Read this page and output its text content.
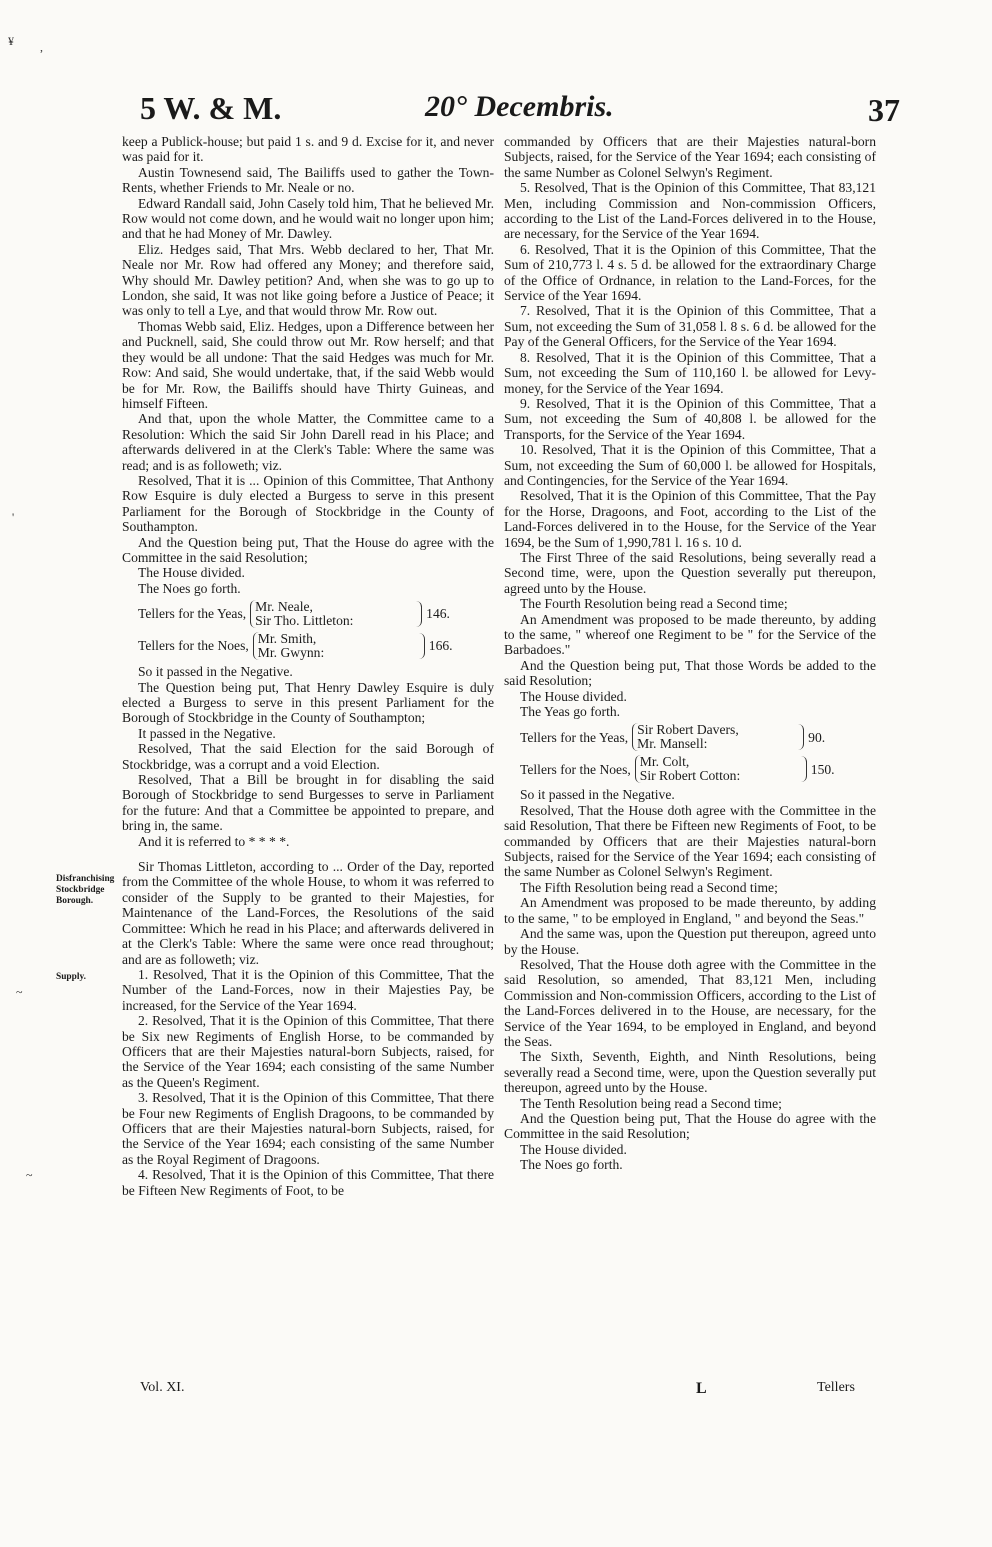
5 W. & M.	20° Decembris.	37
Disfranchising Stockbridge Borough.
Supply.

keep a Publick-house; but paid 1 s. and 9 d. Excise for it, and never was paid for it.

Austin Townesend said, The Bailiffs used to gather the Town-Rents, whether Friends to Mr. Neale or no.

Edward Randall said, John Casely told him, That he believed Mr. Row would not come down, and he would wait no longer upon him; and that he had Money of Mr. Dawley.

Eliz. Hedges said, That Mrs. Webb declared to her, That Mr. Neale nor Mr. Row had offered any Money; and therefore said, Why should Mr. Dawley petition? And, when she was to go up to London, she said, It was not like going before a Justice of Peace; it was only to tell a Lye, and that would throw Mr. Row out.

Thomas Webb said, Eliz. Hedges, upon a Difference between her and Pucknell, said, She could throw out Mr. Row herself; and that they would be all undone: That the said Hedges was much for Mr. Row: And said, She would undertake, that, if the said Webb would be for Mr. Row, the Bailiffs should have Thirty Guineas, and himself Fifteen.

And that, upon the whole Matter, the Committee came to a Resolution: Which the said Sir John Darell read in his Place; and afterwards delivered in at the Clerk's Table: Where the same was read; and is as followeth; viz.

Resolved, That it is ... Opinion of this Committee, That Anthony Row Esquire is duly elected a Burgess to serve in this present Parliament for the Borough of Stockbridge in the County of Southampton.

And the Question being put, That the House do agree with the Committee in the said Resolution;

The House divided.

The Noes go forth.

Tellers for the Yeas, Mr. Neale,
Sir Tho. Littleton:	146.
Tellers for the Noes, Mr. Smith,
Mr. Gwynn:	166.

So it passed in the Negative.

The Question being put, That Henry Dawley Esquire is duly elected a Burgess to serve in this present Parliament for the Borough of Stockbridge in the County of Southampton;

It passed in the Negative.

Resolved, That the said Election for the said Borough of Stockbridge, was a corrupt and a void Election.

Resolved, That a Bill be brought in for disabling the said Borough of Stockbridge to send Burgesses to serve in Parliament for the future: And that a Committee be appointed to prepare, and bring in, the same.

And it is referred to * * * *.

Sir Thomas Littleton, according to ... Order of the Day, reported from the Committee of the whole House, to whom it was referred to consider of the Supply to be granted to their Majesties, for Maintenance of the Land-Forces, the Resolutions of the said Committee: Which he read in his Place; and afterwards delivered in at the Clerk's Table: Where the same were once read throughout; and are as followeth; viz.

1. Resolved, That it is the Opinion of this Committee, That the Number of the Land-Forces, now in their Majesties Pay, be increased, for the Service of the Year 1694.

2. Resolved, That it is the Opinion of this Committee, That there be Six new Regiments of English Horse, to be commanded by Officers that are their Majesties natural-born Subjects, raised, for the Service of the Year 1694; each consisting of the same Number as the Queen's Regiment.

3. Resolved, That it is the Opinion of this Committee, That there be Four new Regiments of English Dragoons, to be commanded by Officers that are their Majesties natural-born Subjects, raised, for the Service of the Year 1694; each consisting of the same Number as the Royal Regiment of Dragoons.

4. Resolved, That it is the Opinion of this Committee, That there be Fifteen New Regiments of Foot, to be

commanded by Officers that are their Majesties natural-born Subjects, raised, for the Service of the Year 1694; each consisting of the same Number as Colonel Selwyn's Regiment.

5. Resolved, That is the Opinion of this Committee, That 83,121 Men, including Commission and Non-commission Officers, according to the List of the Land-Forces delivered in to the House, are necessary, for the Service of the Year 1694.

6. Resolved, That it is the Opinion of this Committee, That the Sum of 210,773 l. 4 s. 5 d. be allowed for the extraordinary Charge of the Office of Ordnance, in relation to the Land-Forces, for the Service of the Year 1694.

7. Resolved, That it is the Opinion of this Committee, That a Sum, not exceeding the Sum of 31,058 l. 8 s. 6 d. be allowed for the Pay of the General Officers, for the Service of the Year 1694.

8. Resolved, That it is the Opinion of this Committee, That a Sum, not exceeding the Sum of 110,160 l. be allowed for Levy-money, for the Service of the Year 1694.

9. Resolved, That it is the Opinion of this Committee, That a Sum, not exceeding the Sum of 40,808 l. be allowed for the Transports, for the Service of the Year 1694.

10. Resolved, That it is the Opinion of this Committee, That a Sum, not exceeding the Sum of 60,000 l. be allowed for Hospitals, and Contingencies, for the Service of the Year 1694.

Resolved, That it is the Opinion of this Committee, That the Pay for the Horse, Dragoons, and Foot, according to the List of the Land-Forces delivered in to the House, for the Service of the Year 1694, be the Sum of 1,990,781 l. 16 s. 10 d.

The First Three of the said Resolutions, being severally read a Second time, were, upon the Question severally put thereupon, agreed unto by the House.

The Fourth Resolution being read a Second time;

An Amendment was proposed to be made thereunto, by adding to the same, " whereof one Regiment to be " for the Service of the Barbadoes."

And the Question being put, That those Words be added to the said Resolution;

The House divided.

The Yeas go forth.

Tellers for the Yeas, Sir Robert Davers,
Mr. Mansell:	90.
Tellers for the Noes, Mr. Colt,
Sir Robert Cotton:	150.

So it passed in the Negative.

Resolved, That the House doth agree with the Committee in the said Resolution, That there be Fifteen new Regiments of Foot, to be commanded by Officers that are their Majesties natural-born Subjects, raised for the Service of the Year 1694; each consisting of the same Number as Colonel Selwyn's Regiment.

The Fifth Resolution being read a Second time;

An Amendment was proposed to be made thereunto, by adding to the same, " to be employed in England, " and beyond the Seas."

And the same was, upon the Question put thereupon, agreed unto by the House.

Resolved, That the House doth agree with the Committee in the said Resolution, so amended, That 83,121 Men, including Commission and Non-commission Officers, according to the List of the Land-Forces delivered in to the House, are necessary, for the Service of the Year 1694, to be employed in England, and beyond the Seas.

The Sixth, Seventh, Eighth, and Ninth Resolutions, being severally read a Second time, were, upon the Question severally put thereupon, agreed unto by the House.

The Tenth Resolution being read a Second time;

And the Question being put, That the House do agree with the Committee in the said Resolution;

The House divided.

The Noes go forth.

Vol. XI.	L	Tellers
¥ ,
'
~
~
